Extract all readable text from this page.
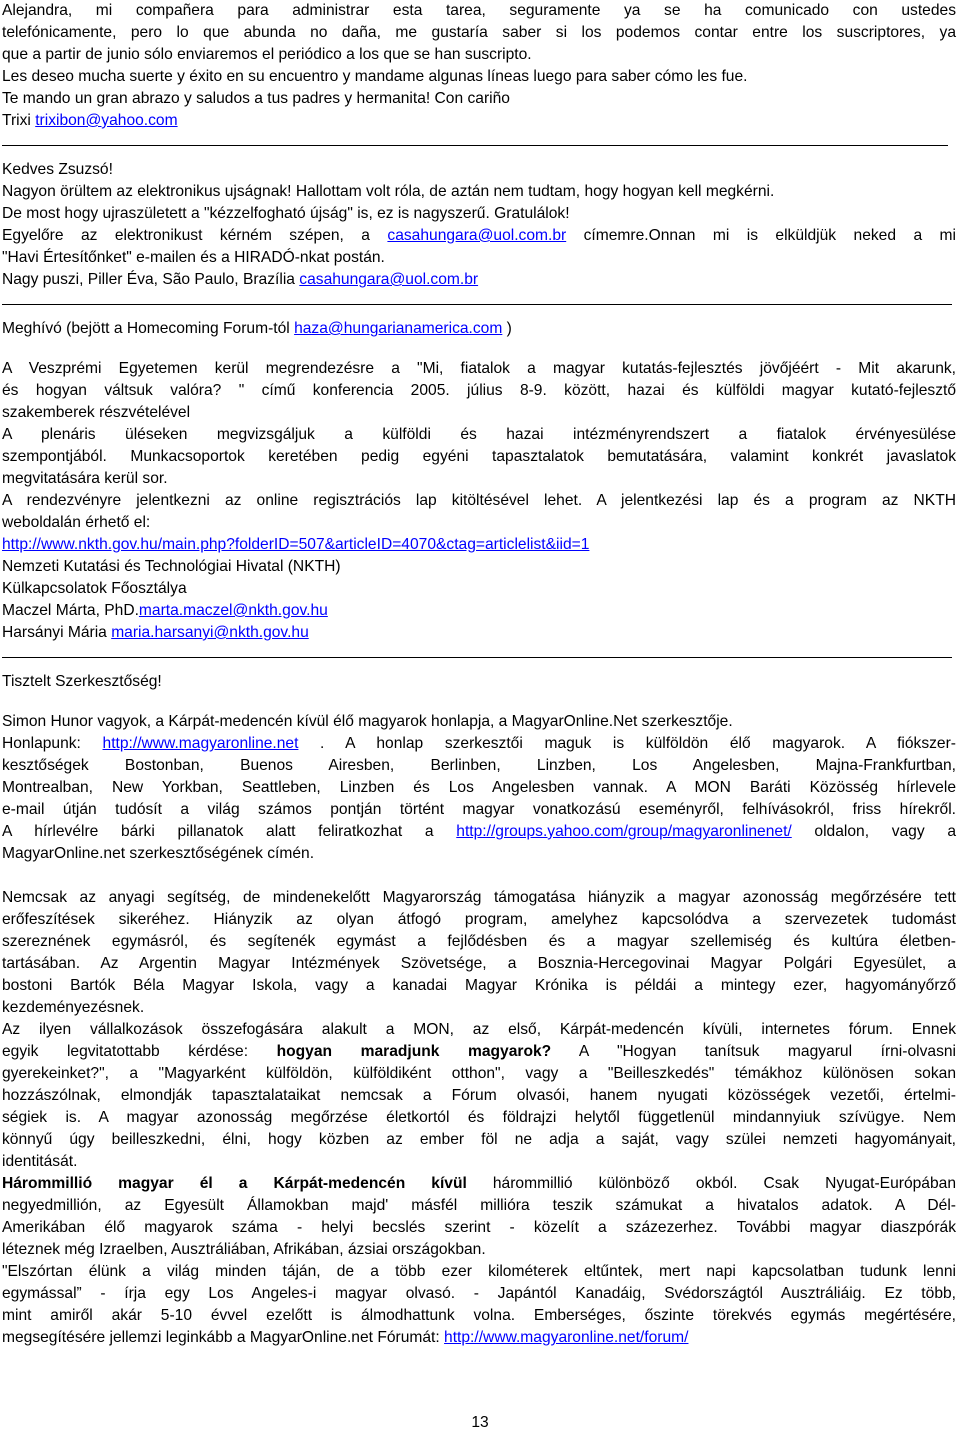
Alejandra, mi compañera para administrar esta tarea, seguramente ya se ha comunicado con ustedes
telefónicamente, pero lo que abunda no daña, me gustaría saber si los podemos contar entre los suscriptores, ya
que a partir de junio sólo enviaremos el periódico a los que se han suscripto.
Les deseo mucha suerte y éxito en su encuentro y mandame algunas líneas luego para saber cómo les fue.
Te mando un gran abrazo y saludos a tus padres y hermanita! Con cariño
Trixi trixibon@yahoo.com
Kedves Zsuzsó!
Nagyon örültem az elektronikus ujságnak! Hallottam volt róla, de aztán nem tudtam, hogy hogyan kell megkérni.
De most hogy ujraszületett a "kézzelfogható újság" is, ez is nagyszerű. Gratulálok!
Egyelőre az elektronikust kérném szépen, a casahungara@uol.com.br címemre.Onnan mi is elküldjük neked a mi
"Havi Értesítőnket" e-mailen és a HIRADÓ-nkat postán.
Nagy puszi, Piller Éva, São Paulo, Brazília casahungara@uol.com.br
Meghívó (bejött a Homecoming Forum-tól haza@hungarianamerica.com )
A Veszprémi Egyetemen kerül megrendezésre a "Mi, fiatalok a magyar kutatás-fejlesztés jövőjéért - Mit akarunk,
és hogyan váltsuk valóra? " című konferencia 2005. július 8-9. között, hazai és külföldi magyar kutató-fejlesztő
szakemberek részvételével
A plenáris üléseken megvizsgáljuk a külföldi és hazai intézményrendszert a fiatalok érvényesülése
szempontjából. Munkacsoportok keretében pedig egyéni tapasztalatok bemutatására, valamint konkrét javaslatok
megvitatására kerül sor.
A rendezvényre jelentkezni az online regisztrációs lap kitöltésével lehet. A jelentkezési lap és a program az NKTH
weboldalán érhető el:
http://www.nkth.gov.hu/main.php?folderID=507&articleID=4070&ctag=articlelist&iid=1
Nemzeti Kutatási és Technológiai Hivatal (NKTH)
Külkapcsolatok Főosztálya
Maczel Márta, PhD.marta.maczel@nkth.gov.hu
Harsányi Mária maria.harsanyi@nkth.gov.hu
Tisztelt Szerkesztőség!
Simon Hunor vagyok, a Kárpát-medencén kívül élő magyarok honlapja, a MagyarOnline.Net szerkesztője.
Honlapunk: http://www.magyaronline.net . A honlap szerkesztői maguk is külföldön élő magyarok. A fiókszer-
kesztőségek Bostonban, Buenos Airesben, Berlinben, Linzben, Los Angelesben, Majna-Frankfurtban,
Montrealban, New Yorkban, Seattleben, Linzben és Los Angelesben vannak. A MON Baráti Közösség hírlevele
e-mail útján tudósít a világ számos pontján történt magyar vonatkozású eseményről, felhívásokról, friss hírekről.
A hírlevélre bárki pillanatok alatt feliratkozhat a http://groups.yahoo.com/group/magyaronlinenet/ oldalon, vagy a
MagyarOnline.net szerkesztőségének címén.
Nemcsak az anyagi segítség, de mindenekelőtt Magyarország támogatása hiányzik a magyar azonosság megőrzésére tett
erőfeszítések sikeréhez. Hiányzik az olyan átfogó program, amelyhez kapcsolódva a szervezetek tudomást
szereznének egymásról, és segítenék egymást a fejlődésben és a magyar szellemiség és kultúra életben-
tartásában. Az Argentin Magyar Intézmények Szövetsége, a Bosznia-Hercegovinai Magyar Polgári Egyesület, a
bostoni Bartók Béla Magyar Iskola, vagy a kanadai Magyar Krónika is példái a mintegy ezer, hagyományőrző
kezdeményezésnek.
Az ilyen vállalkozások összefogására alakult a MON, az első, Kárpát-medencén kívüli, internetes fórum. Ennek
egyik legvitatottabb kérdése: hogyan maradjunk magyarok? A "Hogyan tanítsuk magyarul írni-olvasni
gyerekeinket?", a "Magyarként külföldön, külföldiként otthon", vagy a "Beilleszkedés" témákhoz különösen sokan
hozzászólnak, elmondják tapasztalataikat nemcsak a Fórum olvasói, hanem nyugati közösségek vezetői, értelmi-
ségiek is. A magyar azonosság megőrzése életkortól és földrajzi helytől függetlenül mindannyiuk szívügye. Nem
könnyű úgy beilleszkedni, élni, hogy közben az ember föl ne adja a saját, vagy szülei nemzeti hagyományait,
identitását.
Hárommillió magyar él a Kárpát-medencén kívül hárommillió különböző okból. Csak Nyugat-Európában
negyedmillión, az Egyesült Államokban majd' másfél millióra teszik számukat a hivatalos adatok. A Dél-
Amerikában élő magyarok száma - helyi becslés szerint - közelít a százezerhez. További magyar diaszpórák
léteznek még Izraelben, Ausztráliában, Afrikában, ázsiai országokban.
"Elszórtan élünk a világ minden táján, de a több ezer kilométerek eltűntek, mert napi kapcsolatban tudunk lenni
egymással” - írja egy Los Angeles-i magyar olvasó. - Japántól Kanadáig, Svédországtól Ausztráliáig. Ez több,
mint amiről akár 5-10 évvel ezelőtt is álmodhattunk volna. Emberséges, őszinte törekvés egymás megértésére,
megsegítésére jellemzi leginkább a MagyarOnline.net Fórumát: http://www.magyaronline.net/forum/
13
